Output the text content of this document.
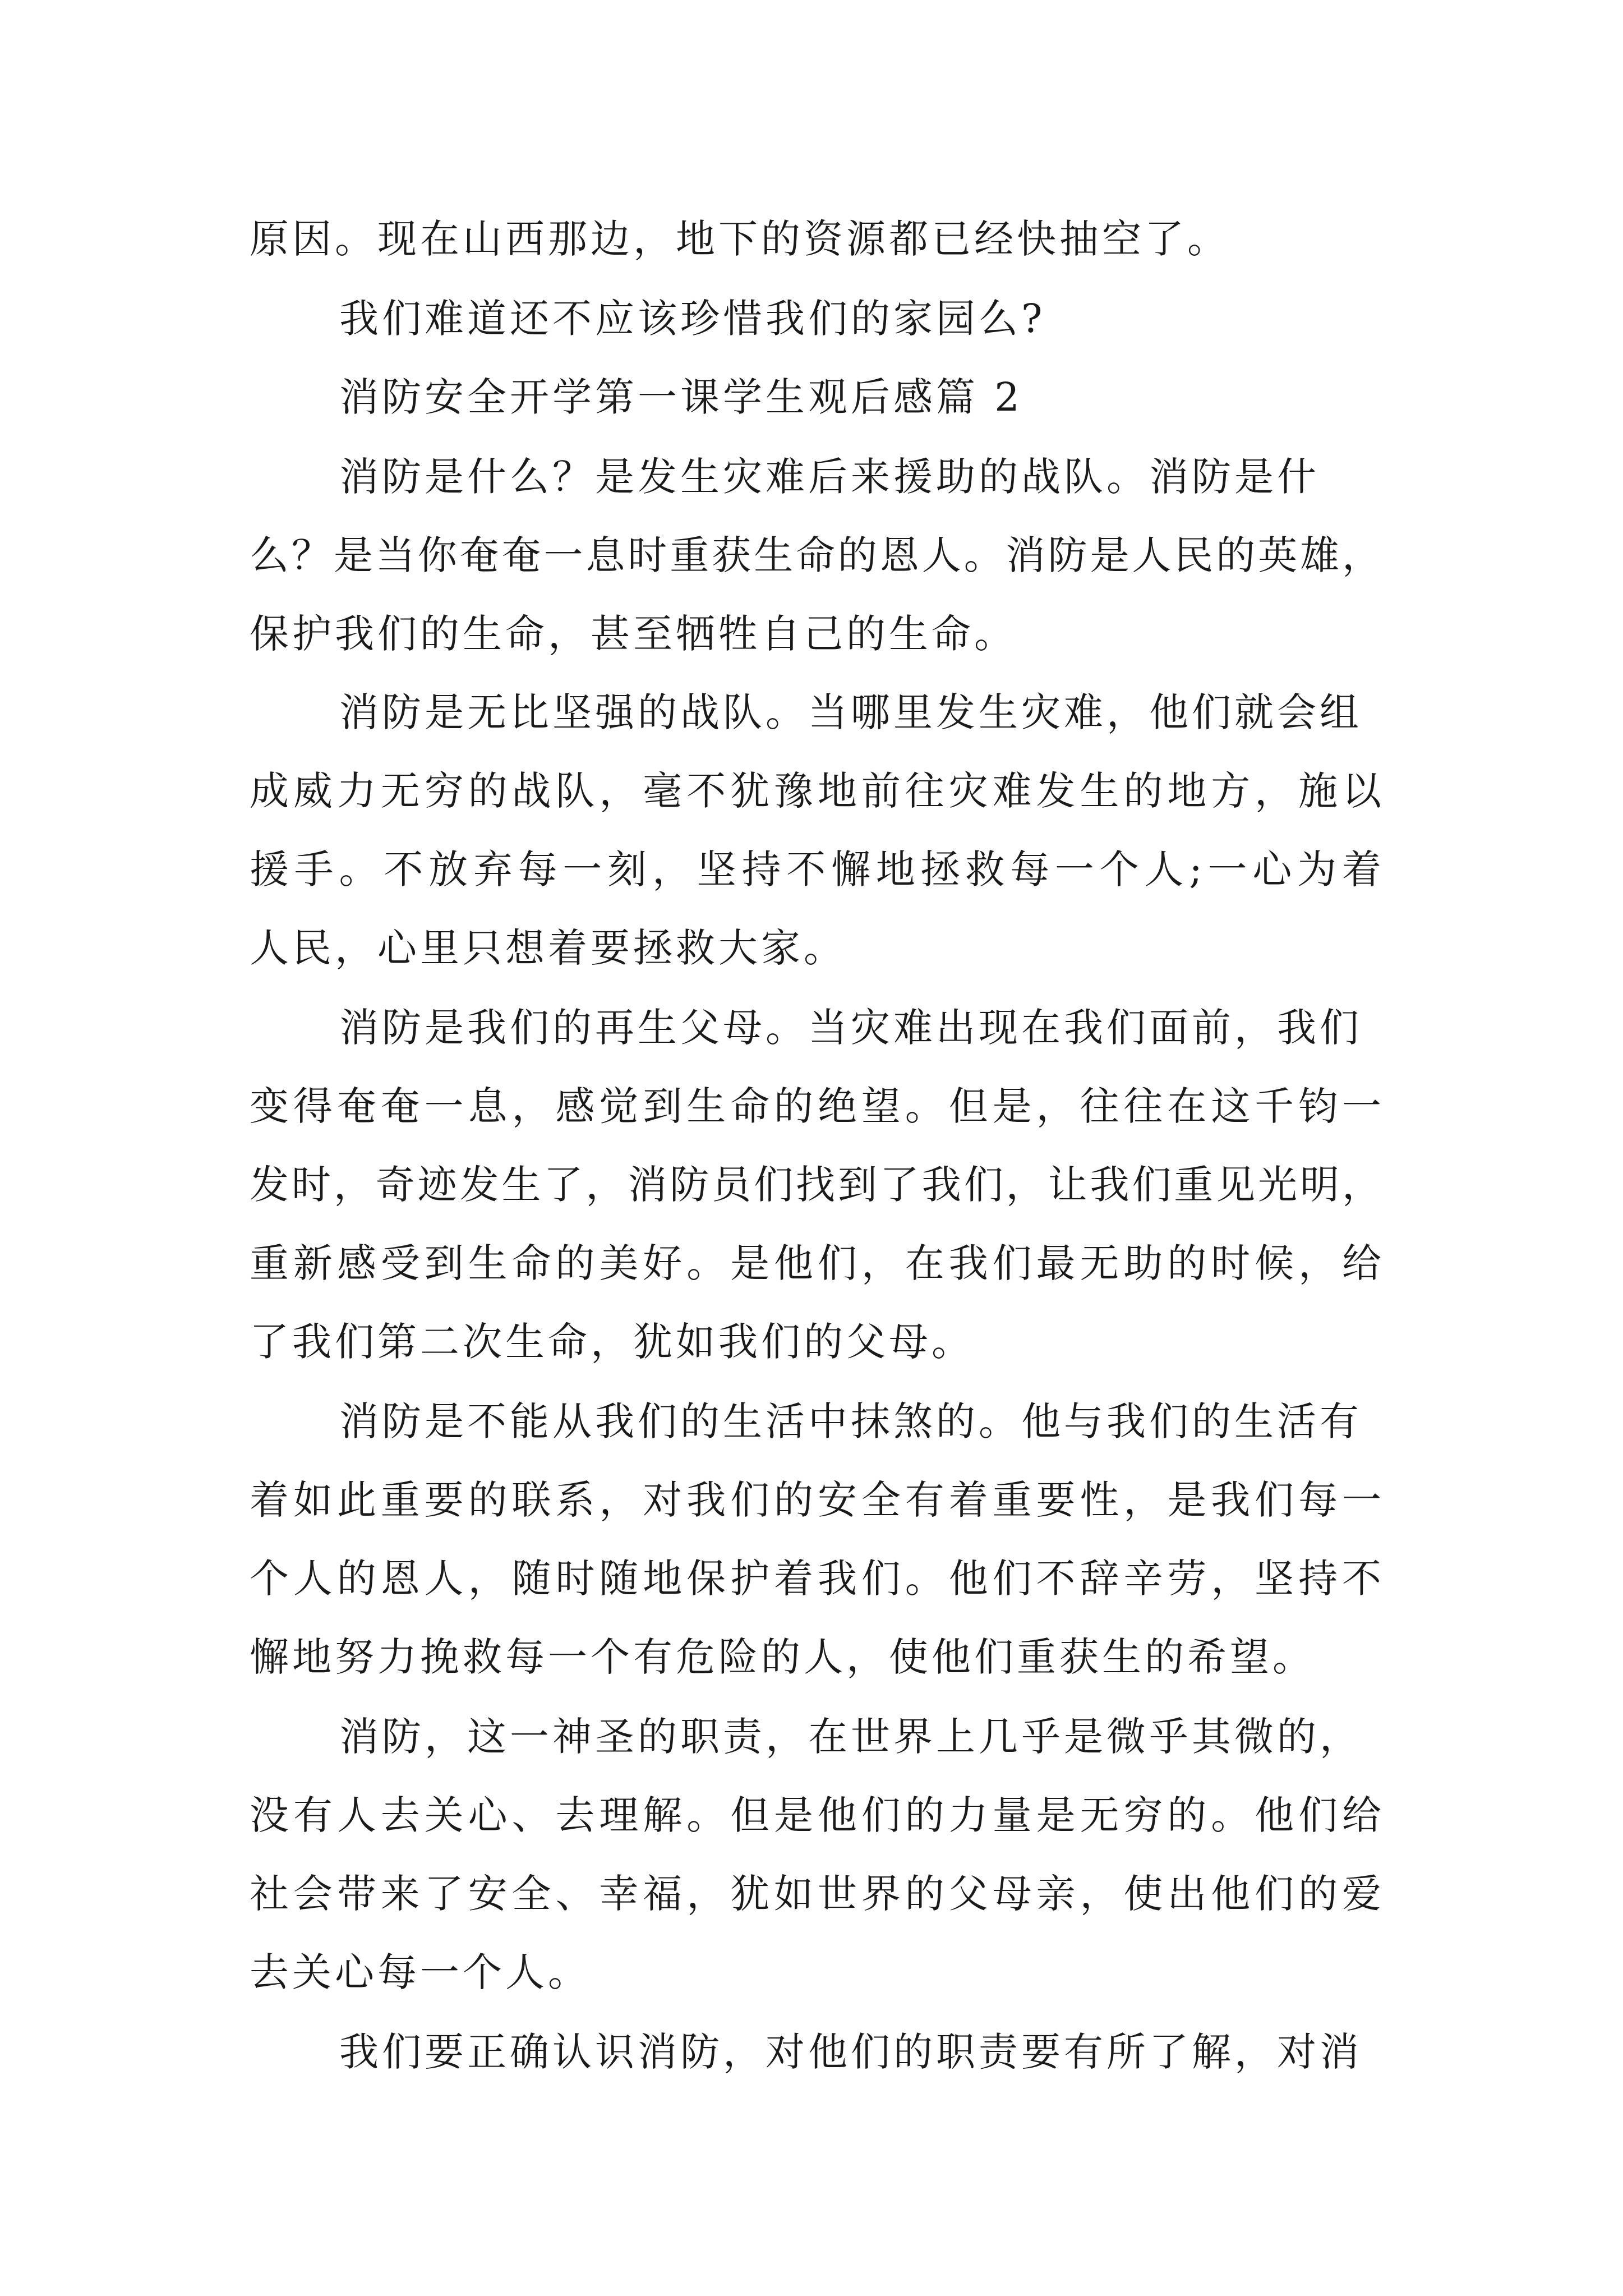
原因。现在山西那边，地下的资源都已经快抽空了。
我们难道还不应该珍惜我们的家园么?
消防安全开学第一课学生观后感篇 2
消防是什么？是发生灾难后来援助的战队。消防是什
么？是当你奄奄一息时重获生命的恩人。消防是人民的英雄，
保护我们的生命，甚至牺牲自己的生命。
消防是无比坚强的战队。当哪里发生灾难，他们就会组
成威力无穷的战队，毫不犹豫地前往灾难发生的地方，施以
援手。不放弃每一刻，坚持不懈地拯救每一个人;一心为着
人民，心里只想着要拯救大家。
消防是我们的再生父母。当灾难出现在我们面前，我们
变得奄奄一息，感觉到生命的绝望。但是，往往在这千钧一
发时，奇迹发生了，消防员们找到了我们，让我们重见光明，
重新感受到生命的美好。是他们，在我们最无助的时候，给
了我们第二次生命，犹如我们的父母。
消防是不能从我们的生活中抹煞的。他与我们的生活有
着如此重要的联系，对我们的安全有着重要性，是我们每一
个人的恩人，随时随地保护着我们。他们不辞辛劳，坚持不
懈地努力挽救每一个有危险的人，使他们重获生的希望。
消防，这一神圣的职责，在世界上几乎是微乎其微的，
没有人去关心、去理解。但是他们的力量是无穷的。他们给
社会带来了安全、幸福，犹如世界的父母亲，使出他们的爱
去关心每一个人。
我们要正确认识消防，对他们的职责要有所了解，对消
